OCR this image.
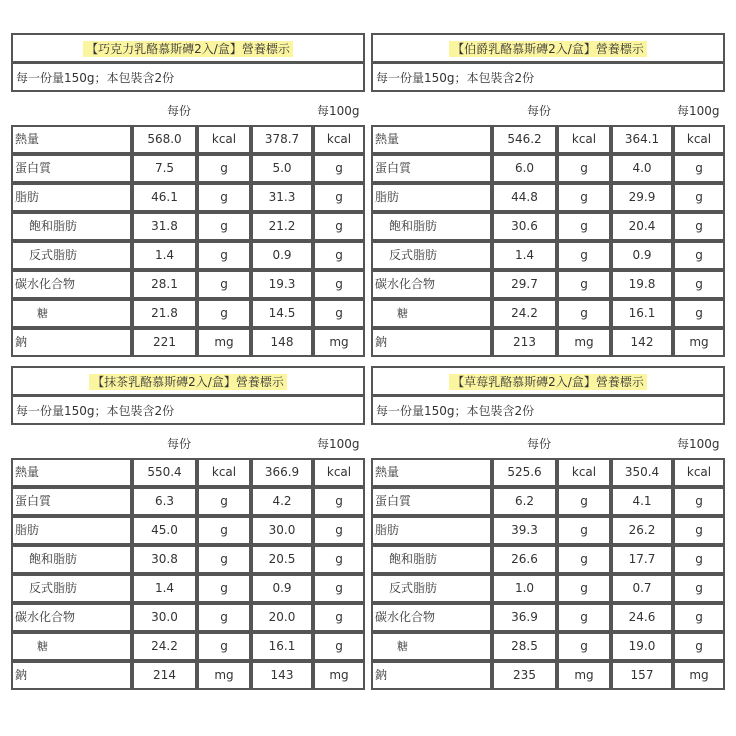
【巧克力乳酪慕斯磚2入/盒】營養標示
每一份量150g；本包裝含2份
每份	每100g
熱量	568.0	kcal	378.7	kcal
蛋白質	7.5	g	5.0	g
脂肪	46.1	g	31.3	g
飽和脂肪	31.8	g	21.2	g
反式脂肪	1.4	g	0.9	g
碳水化合物	28.1	g	19.3	g
糖	21.8	g	14.5	g
鈉	221	mg	148	mg
【伯爵乳酪慕斯磚2入/盒】營養標示
每一份量150g；本包裝含2份
每份	每100g
熱量	546.2	kcal	364.1	kcal
蛋白質	6.0	g	4.0	g
脂肪	44.8	g	29.9	g
飽和脂肪	30.6	g	20.4	g
反式脂肪	1.4	g	0.9	g
碳水化合物	29.7	g	19.8	g
糖	24.2	g	16.1	g
鈉	213	mg	142	mg
【抹茶乳酪慕斯磚2入/盒】營養標示
每一份量150g；本包裝含2份
每份	每100g
熱量	550.4	kcal	366.9	kcal
蛋白質	6.3	g	4.2	g
脂肪	45.0	g	30.0	g
飽和脂肪	30.8	g	20.5	g
反式脂肪	1.4	g	0.9	g
碳水化合物	30.0	g	20.0	g
糖	24.2	g	16.1	g
鈉	214	mg	143	mg
【草莓乳酪慕斯磚2入/盒】營養標示
每一份量150g；本包裝含2份
每份	每100g
熱量	525.6	kcal	350.4	kcal
蛋白質	6.2	g	4.1	g
脂肪	39.3	g	26.2	g
飽和脂肪	26.6	g	17.7	g
反式脂肪	1.0	g	0.7	g
碳水化合物	36.9	g	24.6	g
糖	28.5	g	19.0	g
鈉	235	mg	157	mg
